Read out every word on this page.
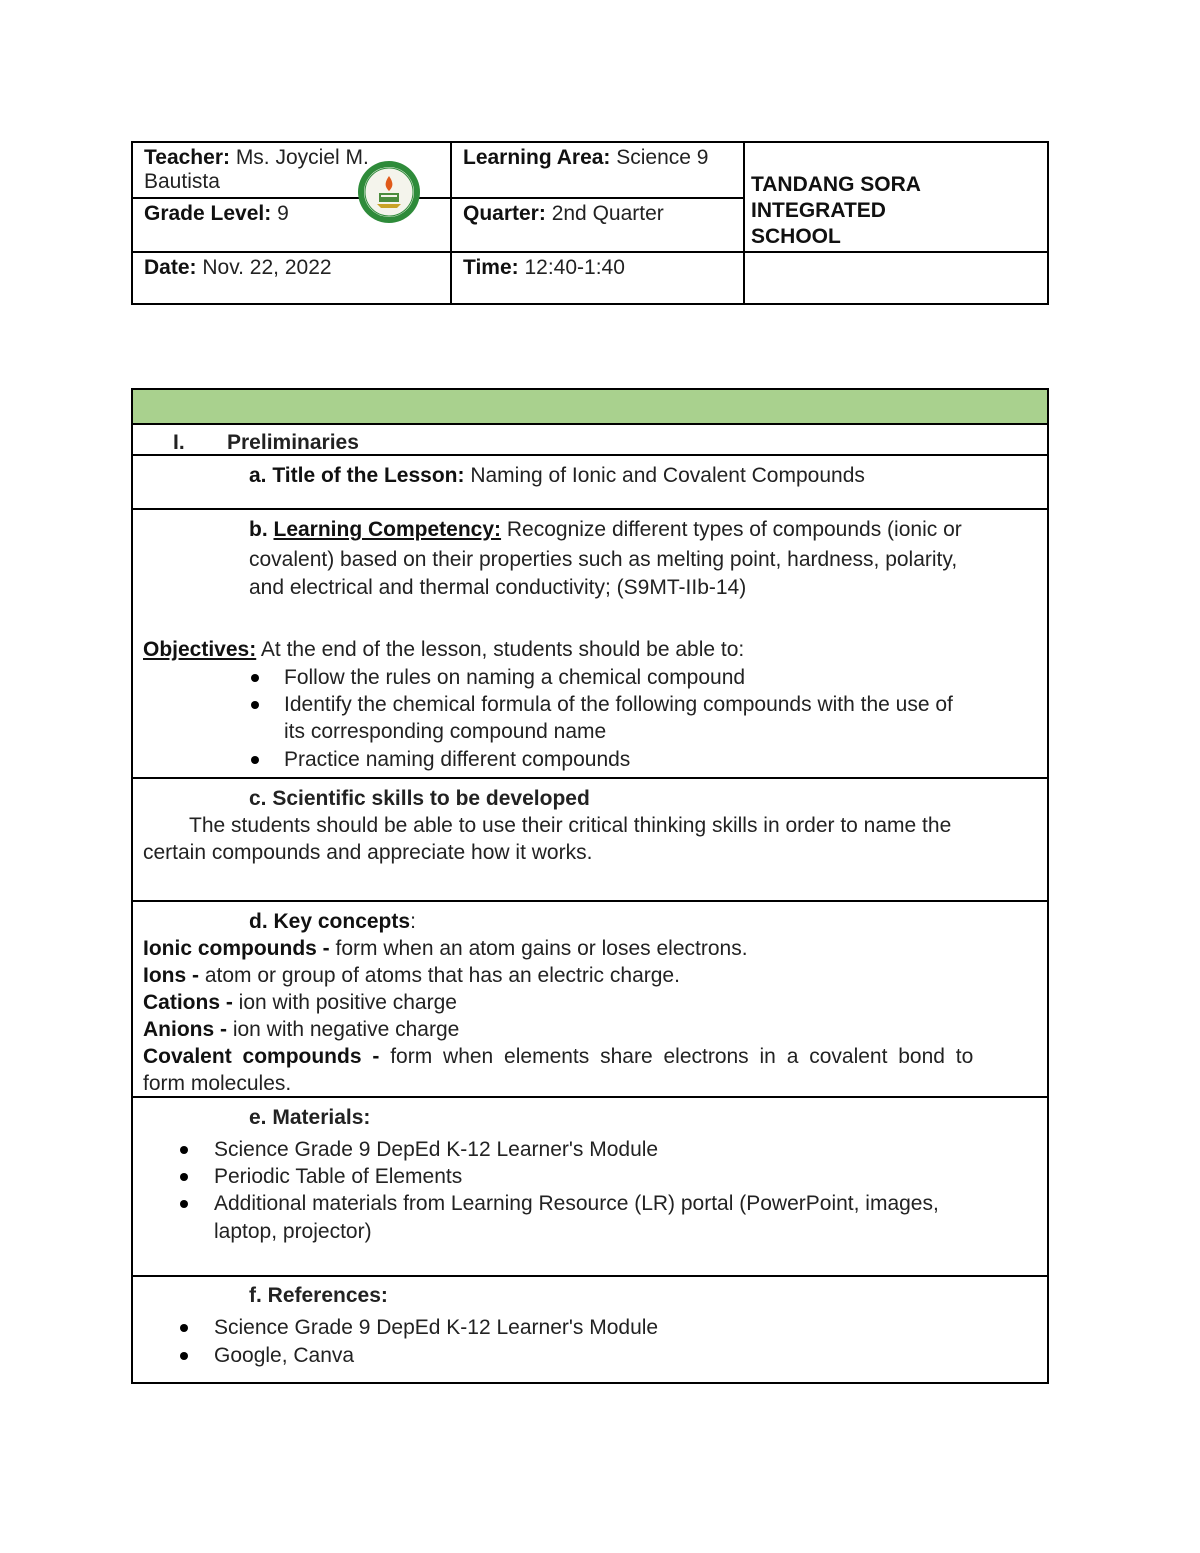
Teacher: Ms. Joyciel M. Bautista
Learning Area: Science 9
Grade Level: 9	Quarter: 2nd Quarter
Date: Nov. 22, 2022	Time: 12:40-1:40
TANDANG SORA
INTEGRATED
SCHOOL
I. Preliminaries
a. Title of the Lesson: Naming of Ionic and Covalent Compounds
b. Learning Competency: Recognize different types of compounds (ionic or
covalent) based on their properties such as melting point, hardness, polarity,
and electrical and thermal conductivity; (S9MT-IIb-14)
Objectives: At the end of the lesson, students should be able to:
Follow the rules on naming a chemical compound
Identify the chemical formula of the following compounds with the use of
its corresponding compound name
Practice naming different compounds
c. Scientific skills to be developed
The students should be able to use their critical thinking skills in order to name the
certain compounds and appreciate how it works.
d. Key concepts:
Ionic compounds - form when an atom gains or loses electrons.
Ions - atom or group of atoms that has an electric charge.
Cations - ion with positive charge
Anions - ion with negative charge
Covalent compounds - form when elements share electrons in a covalent bond to
form molecules.
e. Materials:
Science Grade 9 DepEd K-12 Learner's Module
Periodic Table of Elements
Additional materials from Learning Resource (LR) portal (PowerPoint, images,
laptop, projector)
f. References:
Science Grade 9 DepEd K-12 Learner's Module
Google, Canva
